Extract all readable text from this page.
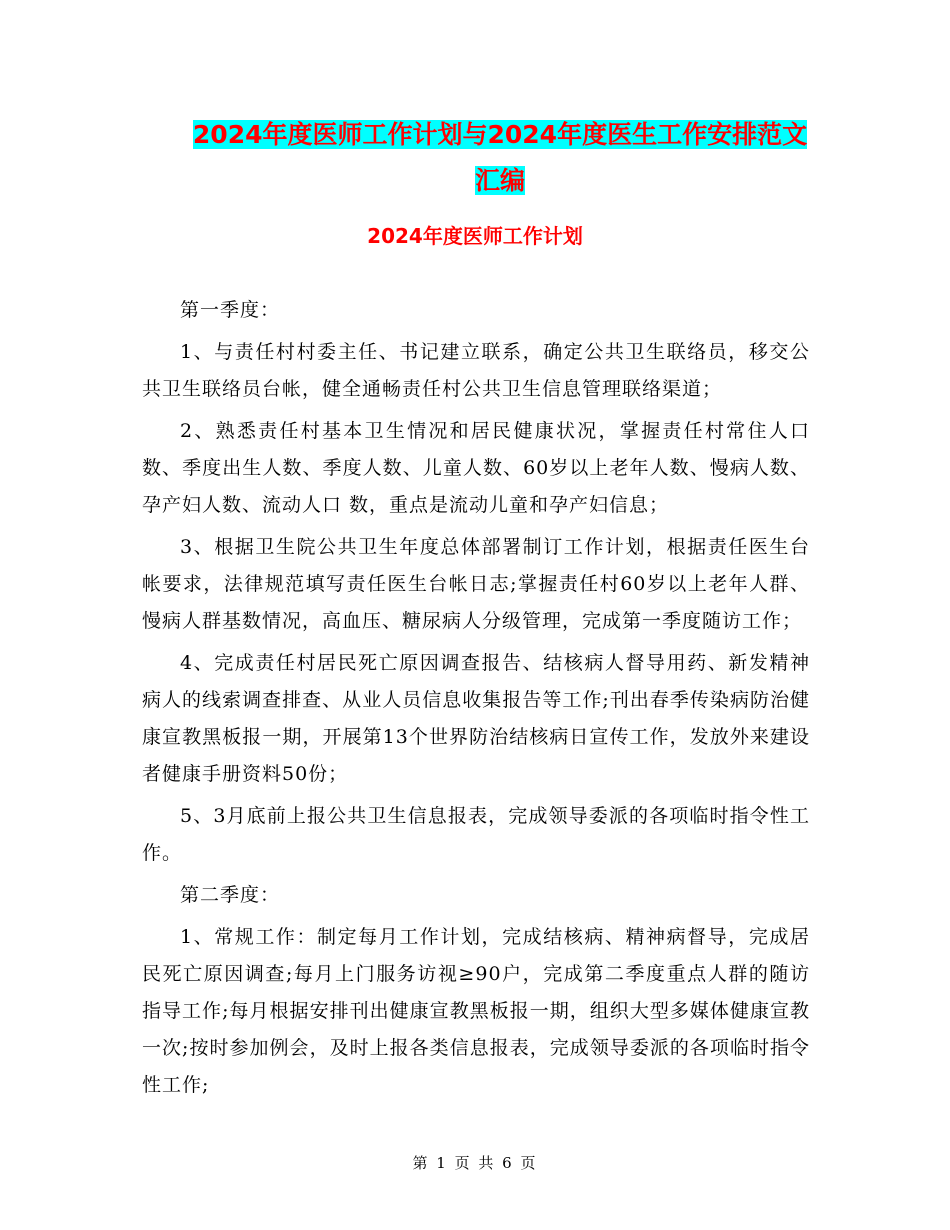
2024年度医师工作计划与2024年度医生工作安排范文
汇编
2024年度医师工作计划

第一季度：

1、与责任村村委主任、书记建立联系，确定公共卫生联络员，移交公共卫生联络员台帐，健全通畅责任村公共卫生信息管理联络渠道；

2、熟悉责任村基本卫生情况和居民健康状况，掌握责任村常住人口数、季度出生人数、季度人数、儿童人数、60岁以上老年人数、慢病人数、孕产妇人数、流动人口 数，重点是流动儿童和孕产妇信息；

3、根据卫生院公共卫生年度总体部署制订工作计划，根据责任医生台帐要求，法律规范填写责任医生台帐日志;掌握责任村60岁以上老年人群、慢病人群基数情况，高血压、糖尿病人分级管理，完成第一季度随访工作；

4、完成责任村居民死亡原因调查报告、结核病人督导用药、新发精神病人的线索调查排查、从业人员信息收集报告等工作;刊出春季传染病防治健康宣教黑板报一期，开展第13个世界防治结核病日宣传工作，发放外来建设者健康手册资料50份；

5、3月底前上报公共卫生信息报表，完成领导委派的各项临时指令性工作。

第二季度：

1、常规工作：制定每月工作计划，完成结核病、精神病督导，完成居民死亡原因调查;每月上门服务访视≥90户，完成第二季度重点人群的随访指导工作;每月根据安排刊出健康宣教黑板报一期，组织大型多媒体健康宣教一次;按时参加例会，及时上报各类信息报表，完成领导委派的各项临时指令性工作;

第 1 页 共 6 页
